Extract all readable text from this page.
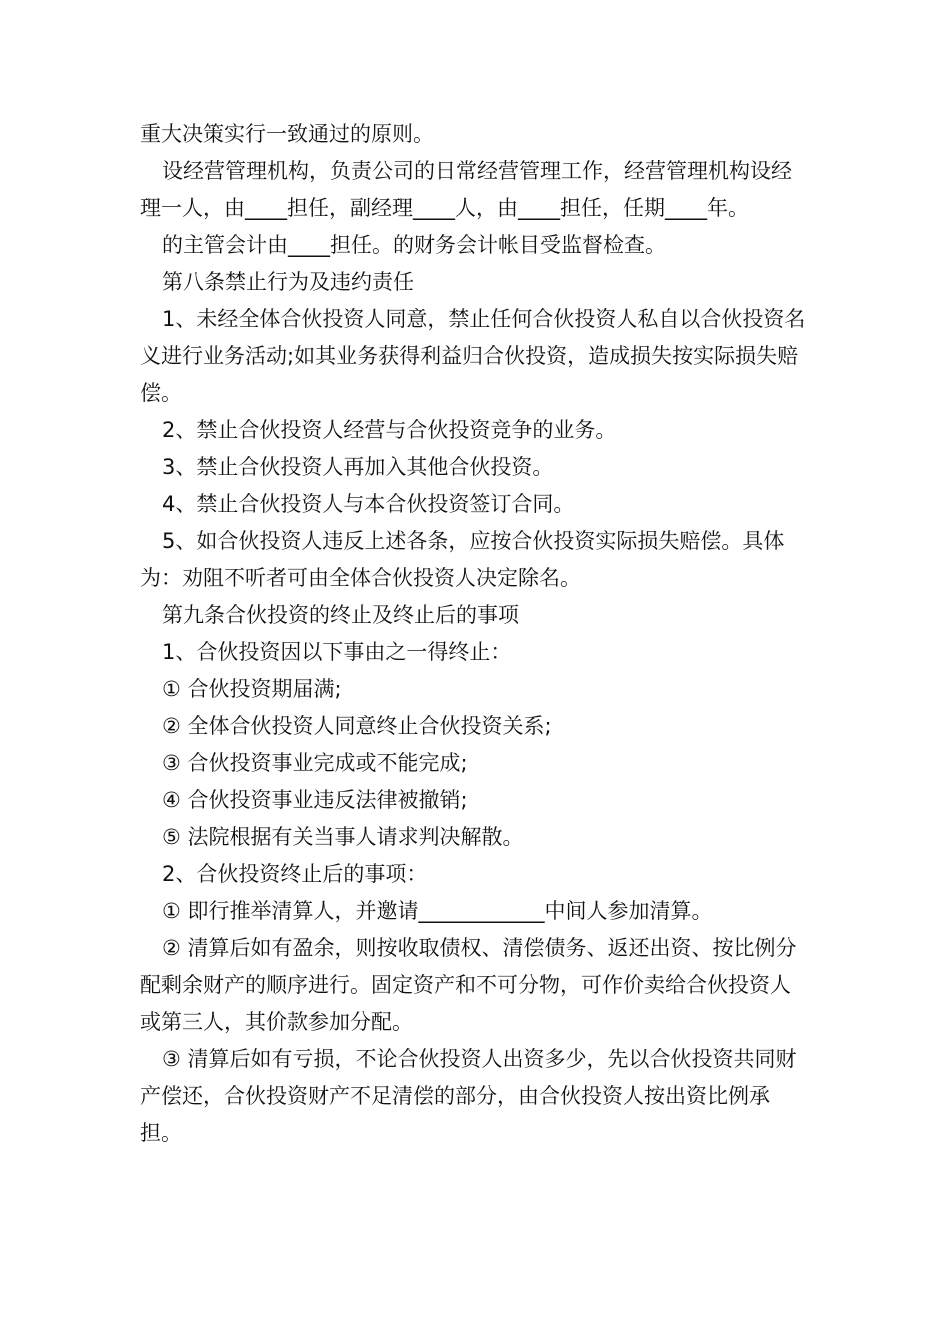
重大决策实行一致通过的原则。

设经营管理机构，负责公司的日常经营管理工作，经营管理机构设经理一人，由____担任，副经理____人，由____担任，任期____年。

的主管会计由____担任。的财务会计帐目受监督检查。

第八条禁止行为及违约责任

1、未经全体合伙投资人同意，禁止任何合伙投资人私自以合伙投资名义进行业务活动;如其业务获得利益归合伙投资，造成损失按实际损失赔偿。

2、禁止合伙投资人经营与合伙投资竞争的业务。

3、禁止合伙投资人再加入其他合伙投资。

4、禁止合伙投资人与本合伙投资签订合同。

5、如合伙投资人违反上述各条，应按合伙投资实际损失赔偿。具体为：劝阻不听者可由全体合伙投资人决定除名。

第九条合伙投资的终止及终止后的事项

1、合伙投资因以下事由之一得终止：

① 合伙投资期届满;

② 全体合伙投资人同意终止合伙投资关系;

③ 合伙投资事业完成或不能完成;

④ 合伙投资事业违反法律被撤销;

⑤ 法院根据有关当事人请求判决解散。

2、合伙投资终止后的事项：

① 即行推举清算人，并邀请____________中间人参加清算。

② 清算后如有盈余，则按收取债权、清偿债务、返还出资、按比例分配剩余财产的顺序进行。固定资产和不可分物，可作价卖给合伙投资人或第三人，其价款参加分配。

③ 清算后如有亏损，不论合伙投资人出资多少，先以合伙投资共同财产偿还，合伙投资财产不足清偿的部分，由合伙投资人按出资比例承担。
